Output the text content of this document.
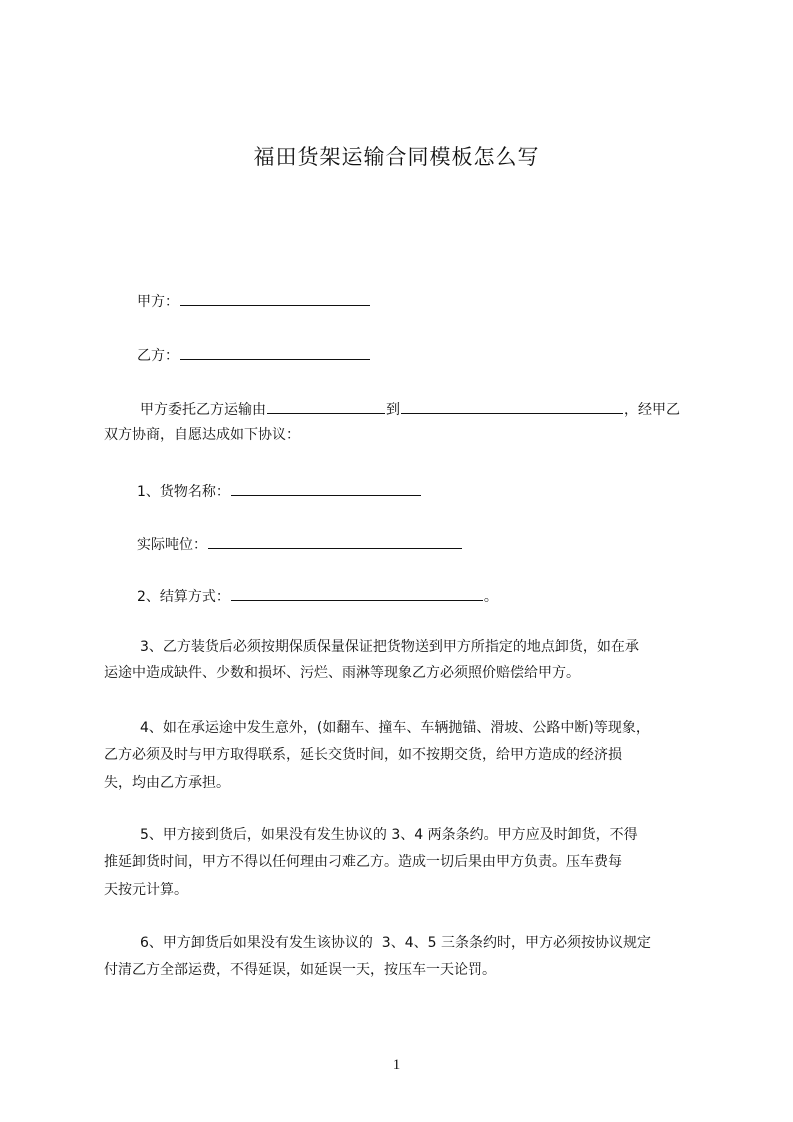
福田货架运输合同模板怎么写
甲方：
乙方：
甲方委托乙方运输由	到	，经甲乙
双方协商，自愿达成如下协议：
1、货物名称：
实际吨位：
2、结算方式：	。
3、乙方装货后必须按期保质保量保证把货物送到甲方所指定的地点卸货，如在承
运途中造成缺件、少数和损坏、污烂、雨淋等现象乙方必须照价赔偿给甲方。
4、如在承运途中发生意外，(如翻车、撞车、车辆抛锚、滑坡、公路中断)等现象，
乙方必须及时与甲方取得联系，延长交货时间，如不按期交货，给甲方造成的经济损
失，均由乙方承担。
5、甲方接到货后，如果没有发生协议的 3、4 两条条约。甲方应及时卸货，不得
推延卸货时间，甲方不得以任何理由刁难乙方。造成一切后果由甲方负责。压车费每
天按元计算。
6、甲方卸货后如果没有发生该协议的  3、4、5 三条条约时，甲方必须按协议规定
付清乙方全部运费，不得延误，如延误一天，按压车一天论罚。
1
